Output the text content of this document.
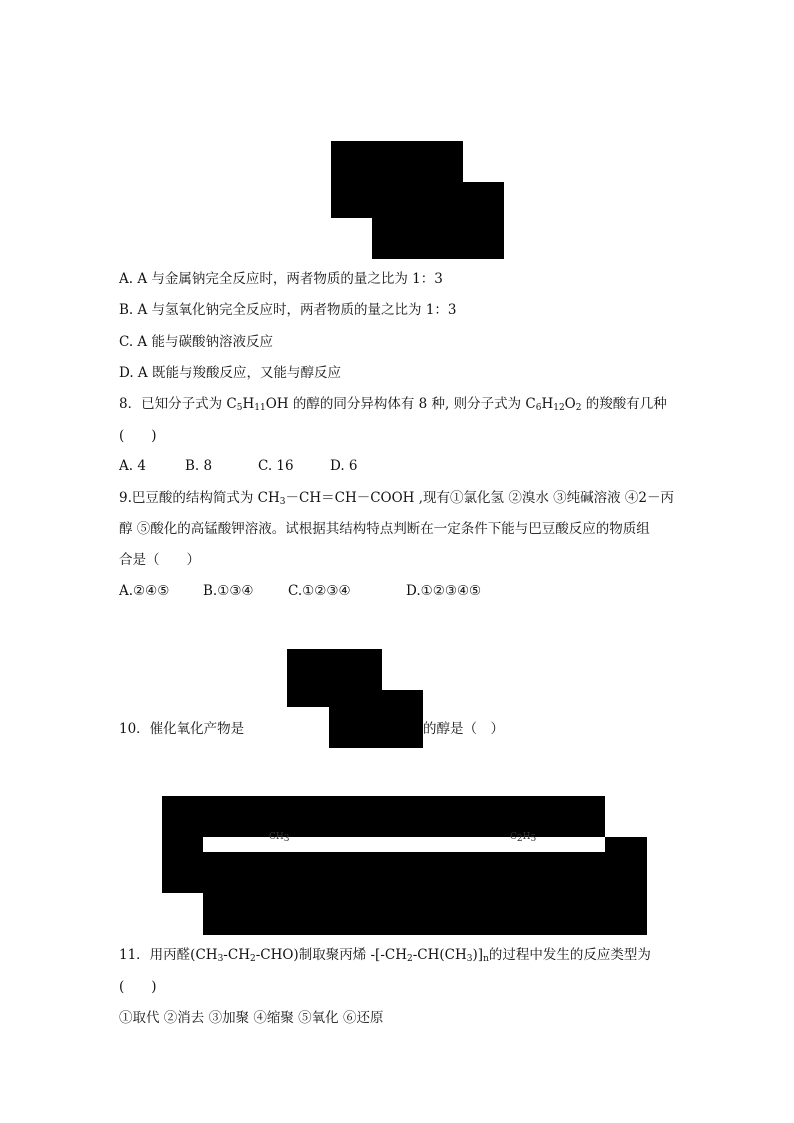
A. A 与金属钠完全反应时，两者物质的量之比为 1：3
B. A 与氢氧化钠完全反应时，两者物质的量之比为 1：3
C. A 能与碳酸钠溶液反应
D. A 既能与羧酸反应，又能与醇反应
8．已知分子式为 $C_5H_{11}OH$ 的醇的同分异构体有 8 种, 则分子式为 $C_6H_{12}O_2$ 的羧酸有几种
(　　)
A. 4	B. 8	C. 16	D. 6
9.巴豆酸的结构简式为 $CH_3-CH=CH-COOH$ ,现有①氯化氢 ②溴水 ③纯碱溶液 ④2－丙
醇 ⑤酸化的高锰酸钾溶液。试根据其结构特点判断在一定条件下能与巴豆酸反应的物质组
合是（　　）
A.②④⑤ B.①③④	C.①②③④	D.①②③④⑤
10．催化氧化产物是	的醇是（　）
$CH_3$	$C_2H_5$
11．用丙醛$(CH_3-CH_2-CHO)$制取聚丙烯 $-[-CH_2-CH(CH_3)]_n$的过程中发生的反应类型为
(　　)
①取代 ②消去 ③加聚 ④缩聚 ⑤氧化 ⑥还原
